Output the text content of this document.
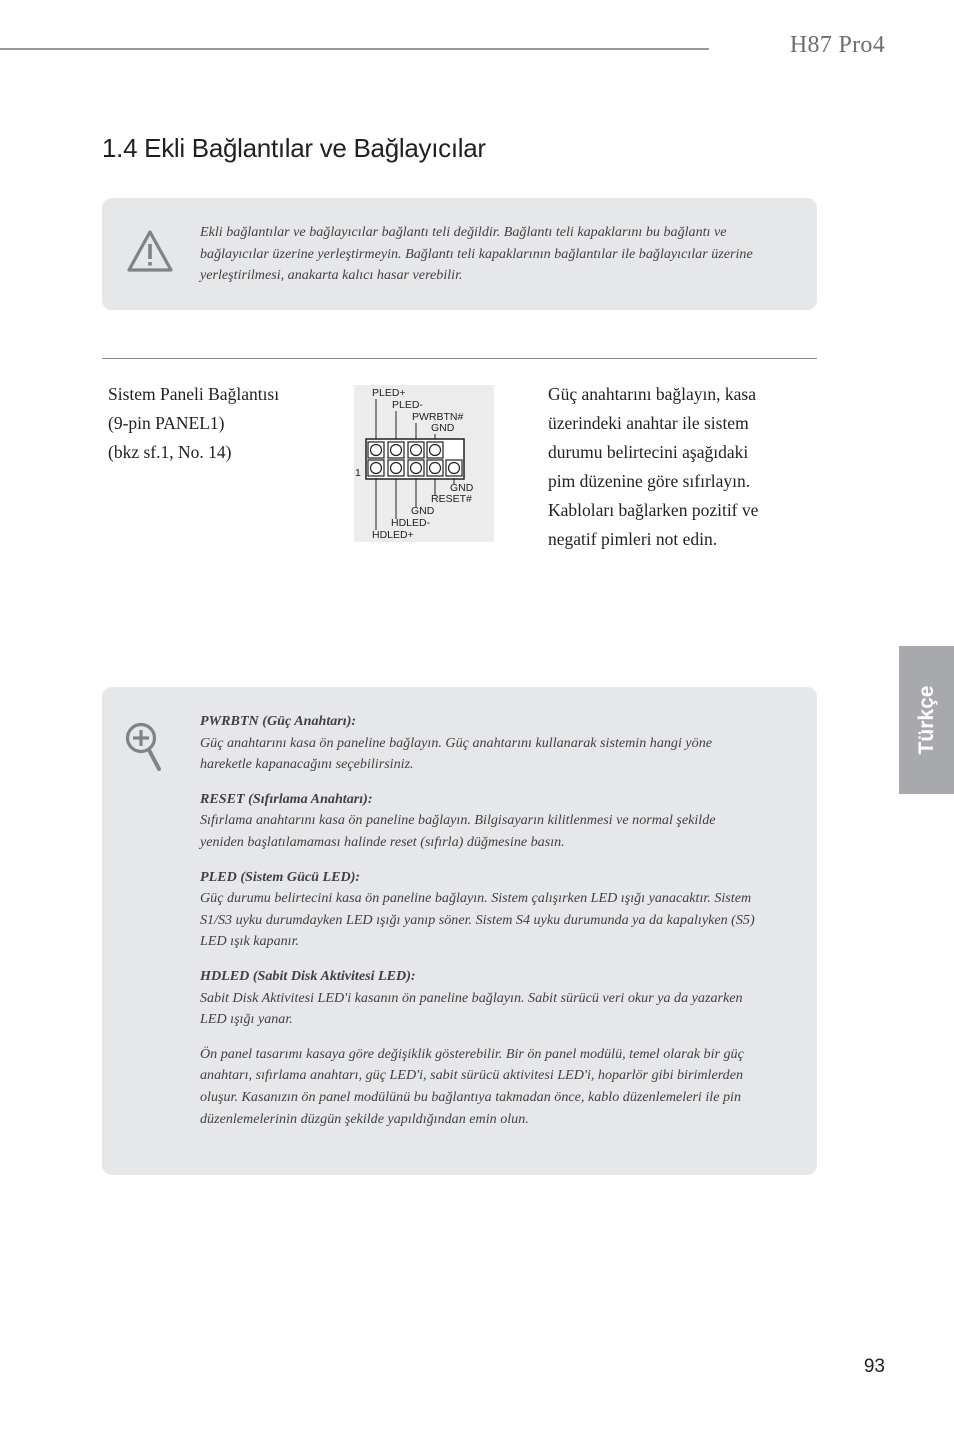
H87 Pro4
1.4 Ekli Bağlantılar ve Bağlayıcılar
Ekli bağlantılar ve bağlayıcılar bağlantı teli değildir. Bağlantı teli kapaklarını bu bağlantı ve bağlayıcılar üzerine yerleştirmeyin. Bağlantı teli kapaklarının bağlantılar ile bağlayıcılar üzerine yerleştirilmesi, anakarta kalıcı hasar verebilir.
Sistem Paneli Bağlantısı
(9-pin PANEL1)
(bkz sf.1, No. 14)
PLED+
PLED-
PWRBTN#
GND
1
GND
RESET#
GND
HDLED-
HDLED+
Güç anahtarını bağlayın, kasa üzerindeki anahtar ile sistem durumu belirtecini aşağıdaki pim düzenine göre sıfırlayın. Kabloları bağlarken pozitif ve negatif pimleri not edin.
Türkçe
PWRBTN (Güç Anahtarı):
Güç anahtarını kasa ön paneline bağlayın. Güç anahtarını kullanarak sistemin hangi yöne hareketle kapanacağını seçebilirsiniz.
RESET (Sıfırlama Anahtarı):
Sıfırlama anahtarını kasa ön paneline bağlayın. Bilgisayarın kilitlenmesi ve normal şekilde yeniden başlatılamaması halinde reset (sıfırla) düğmesine basın.
PLED (Sistem Gücü LED):
Güç durumu belirtecini kasa ön paneline bağlayın. Sistem çalışırken LED ışığı yanacaktır. Sistem S1/S3 uyku durumdayken LED ışığı yanıp söner. Sistem S4 uyku durumunda ya da kapalıyken (S5) LED ışık kapanır.
HDLED (Sabit Disk Aktivitesi LED):
Sabit Disk Aktivitesi LED'i kasanın ön paneline bağlayın. Sabit sürücü veri okur ya da yazarken LED ışığı yanar.
Ön panel tasarımı kasaya göre değişiklik gösterebilir. Bir ön panel modülü, temel olarak bir güç anahtarı, sıfırlama anahtarı, güç LED'i, sabit sürücü aktivitesi LED'i, hoparlör gibi birimlerden oluşur. Kasanızın ön panel modülünü bu bağlantıya takmadan önce, kablo düzenlemeleri ile pin düzenlemelerinin düzgün şekilde yapıldığından emin olun.
93
